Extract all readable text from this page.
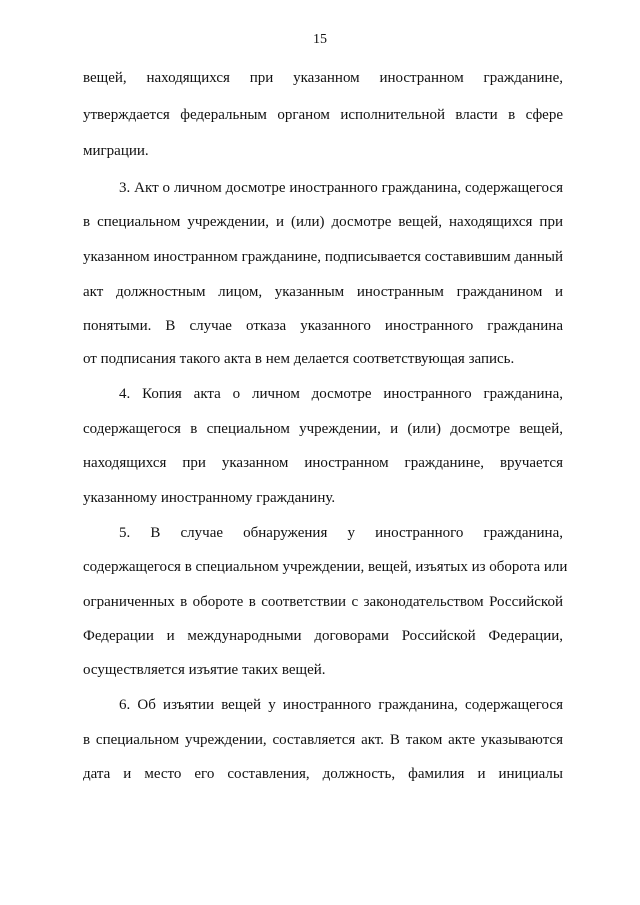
15
вещей, находящихся при указанном иностранном гражданине,
утверждается федеральным органом исполнительной власти в сфере
миграции.
3. Акт о личном досмотре иностранного гражданина, содержащегося
в специальном учреждении, и (или) досмотре вещей, находящихся при
указанном иностранном гражданине, подписывается составившим данный
акт должностным лицом, указанным иностранным гражданином и
понятыми. В случае отказа указанного иностранного гражданина
от подписания такого акта в нем делается соответствующая запись.
4. Копия акта о личном досмотре иностранного гражданина,
содержащегося в специальном учреждении, и (или) досмотре вещей,
находящихся при указанном иностранном гражданине, вручается
указанному иностранному гражданину.
5. В случае обнаружения у иностранного гражданина,
содержащегося в специальном учреждении, вещей, изъятых из оборота или
ограниченных в обороте в соответствии с законодательством Российской
Федерации и международными договорами Российской Федерации,
осуществляется изъятие таких вещей.
6. Об изъятии вещей у иностранного гражданина, содержащегося
в специальном учреждении, составляется акт. В таком акте указываются
дата и место его составления, должность, фамилия и инициалы
